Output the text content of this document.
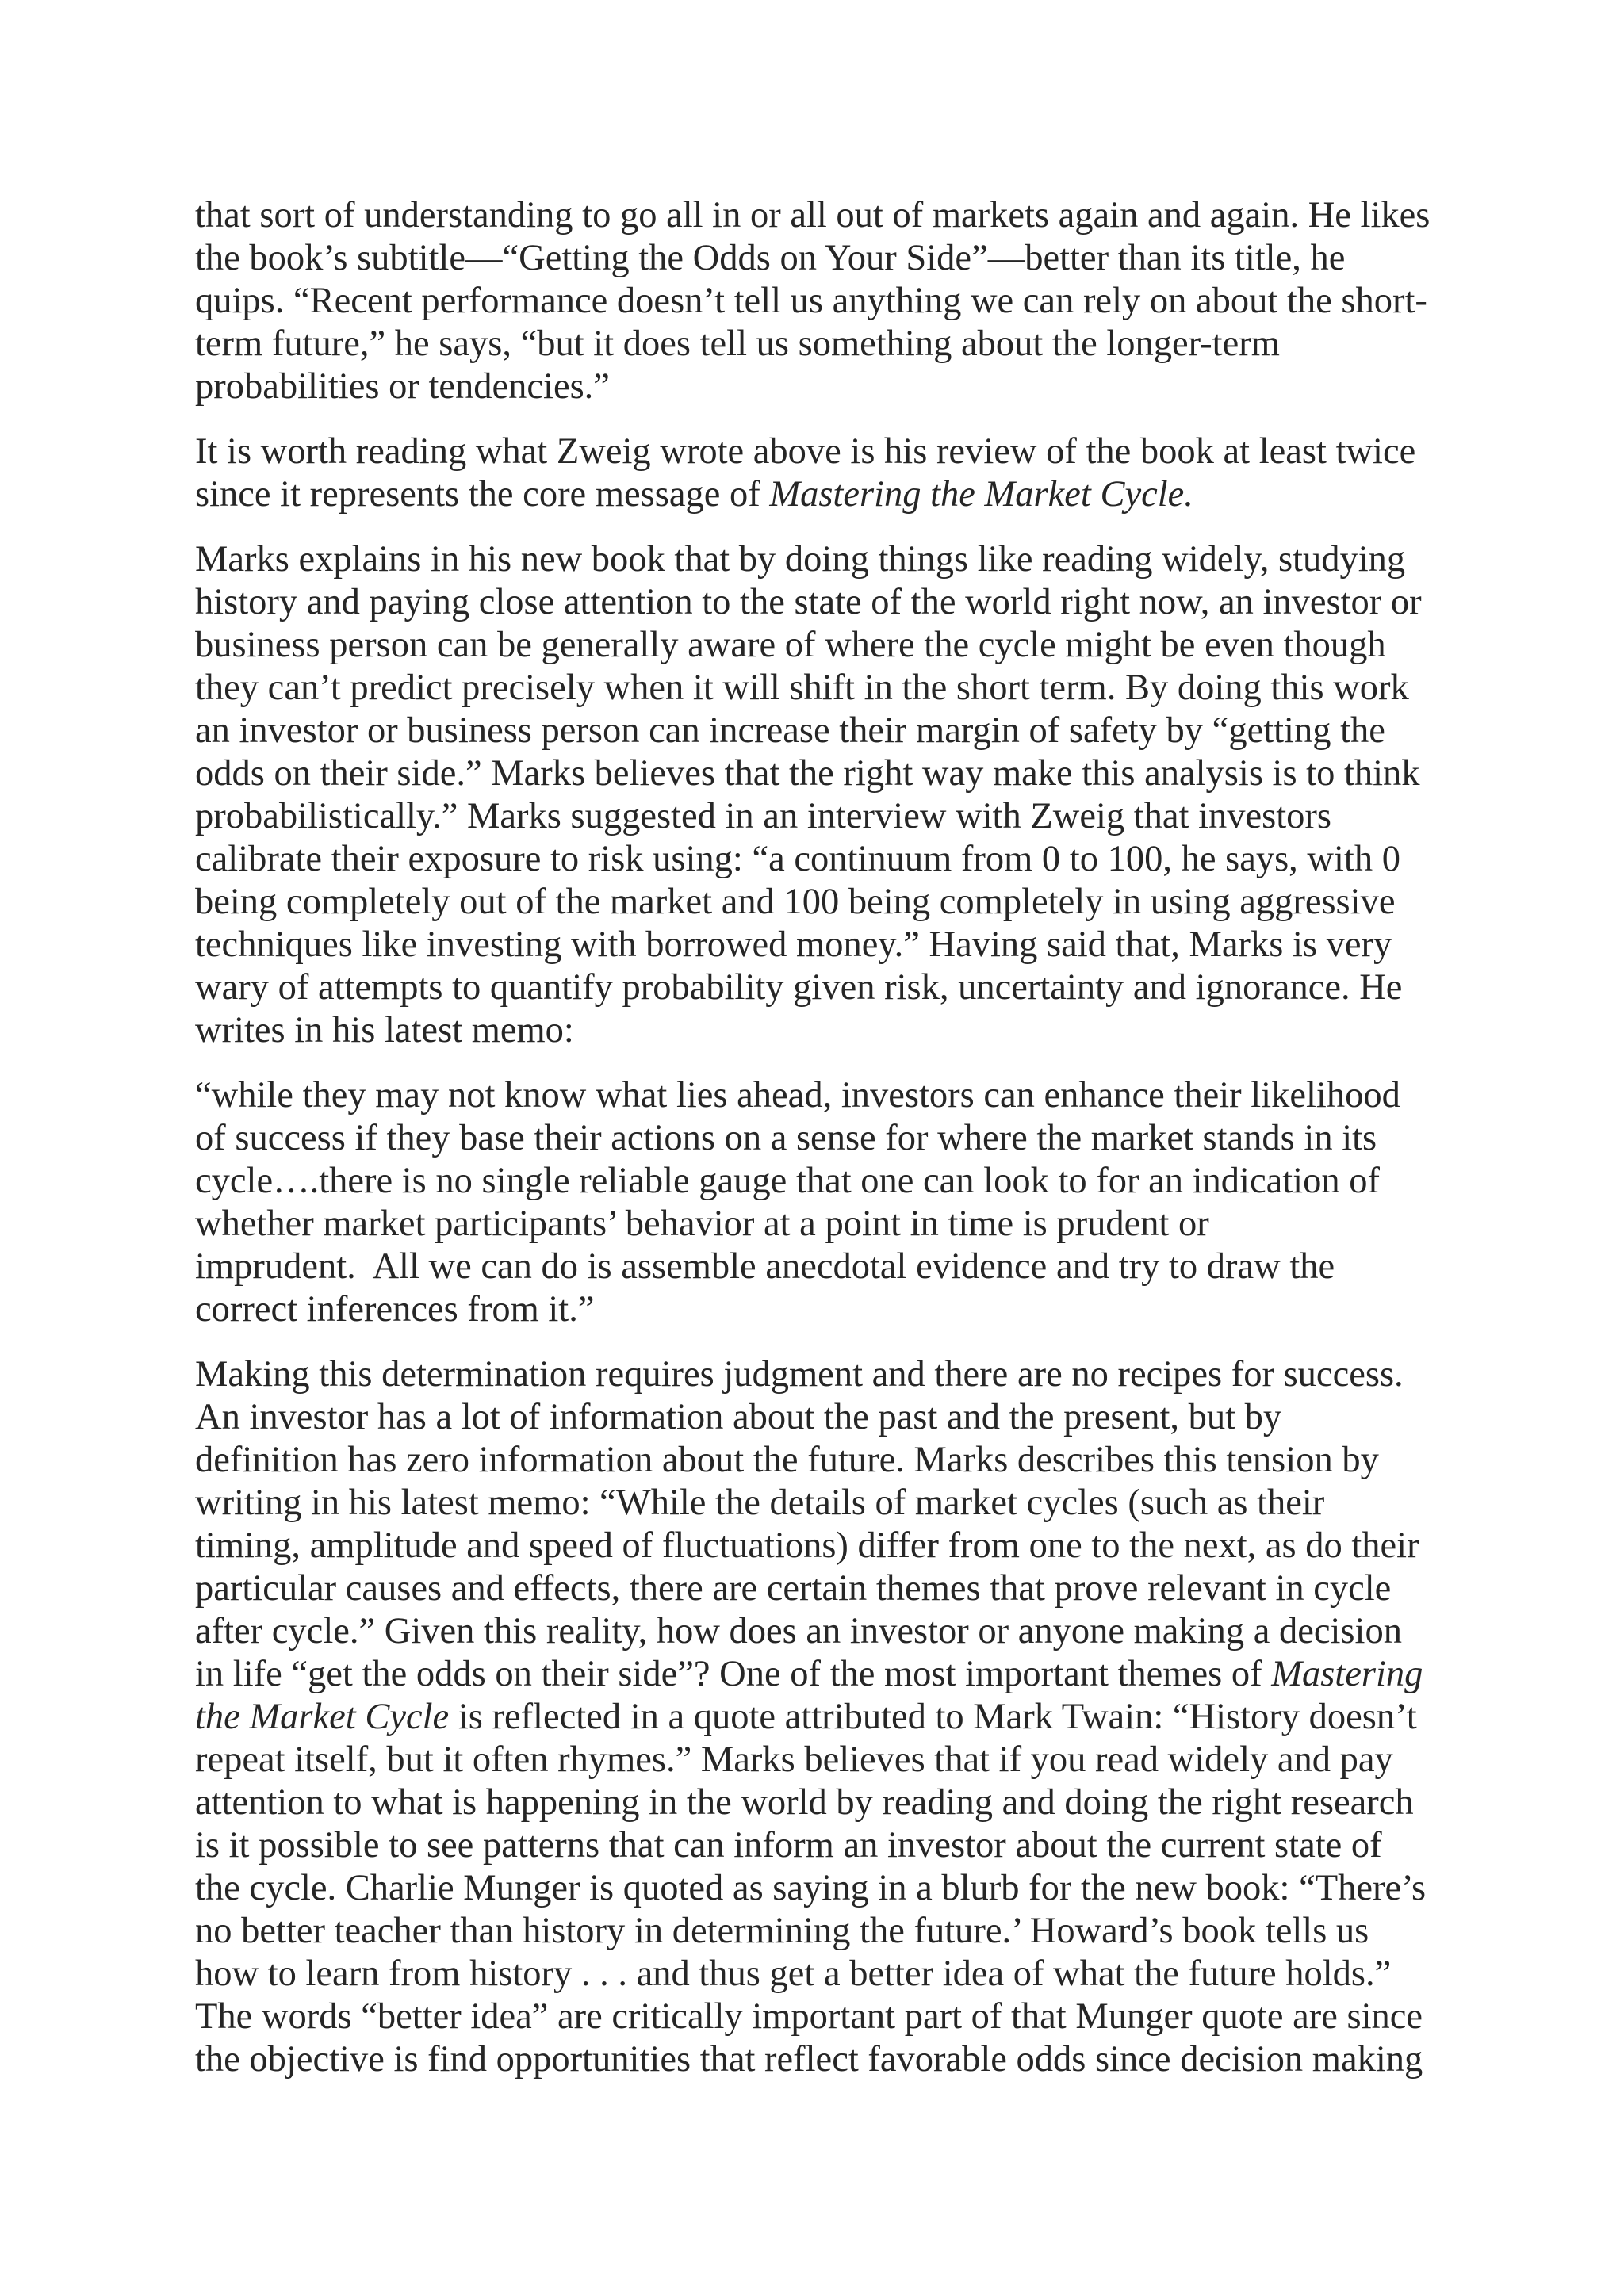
that sort of understanding to go all in or all out of markets again and again. He likes
the book’s subtitle—“Getting the Odds on Your Side”—better than its title, he
quips. “Recent performance doesn’t tell us anything we can rely on about the short-
term future,” he says, “but it does tell us something about the longer-term
probabilities or tendencies.”

It is worth reading what Zweig wrote above is his review of the book at least twice
since it represents the core message of Mastering the Market Cycle.

Marks explains in his new book that by doing things like reading widely, studying
history and paying close attention to the state of the world right now, an investor or
business person can be generally aware of where the cycle might be even though
they can’t predict precisely when it will shift in the short term. By doing this work
an investor or business person can increase their margin of safety by “getting the
odds on their side.” Marks believes that the right way make this analysis is to think
probabilistically.” Marks suggested in an interview with Zweig that investors
calibrate their exposure to risk using: “a continuum from 0 to 100, he says, with 0
being completely out of the market and 100 being completely in using aggressive
techniques like investing with borrowed money.” Having said that, Marks is very
wary of attempts to quantify probability given risk, uncertainty and ignorance. He
writes in his latest memo:

“while they may not know what lies ahead, investors can enhance their likelihood
of success if they base their actions on a sense for where the market stands in its
cycle….there is no single reliable gauge that one can look to for an indication of
whether market participants’ behavior at a point in time is prudent or
imprudent.  All we can do is assemble anecdotal evidence and try to draw the
correct inferences from it.”

Making this determination requires judgment and there are no recipes for success.
An investor has a lot of information about the past and the present, but by
definition has zero information about the future. Marks describes this tension by
writing in his latest memo: “While the details of market cycles (such as their
timing, amplitude and speed of fluctuations) differ from one to the next, as do their
particular causes and effects, there are certain themes that prove relevant in cycle
after cycle.” Given this reality, how does an investor or anyone making a decision
in life “get the odds on their side”? One of the most important themes of Mastering
the Market Cycle is reflected in a quote attributed to Mark Twain: “History doesn’t
repeat itself, but it often rhymes.” Marks believes that if you read widely and pay
attention to what is happening in the world by reading and doing the right research
is it possible to see patterns that can inform an investor about the current state of
the cycle. Charlie Munger is quoted as saying in a blurb for the new book: “There’s
no better teacher than history in determining the future.’ Howard’s book tells us
how to learn from history . . . and thus get a better idea of what the future holds.”
The words “better idea” are critically important part of that Munger quote are since
the objective is find opportunities that reflect favorable odds since decision making
